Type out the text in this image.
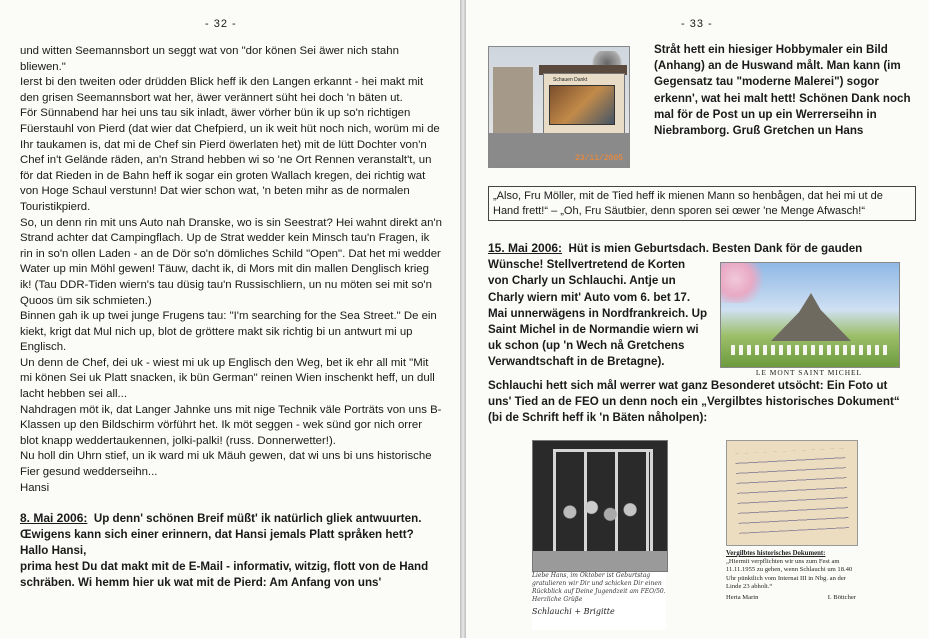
- 32 -

und witten Seemannsbort un seggt wat von "dor könen Sei äwer nich stahn bliewen."

Ierst bi den tweiten oder drüdden Blick heff ik den Langen erkannt - hei makt mit den grisen Seemannsbort wat her, äwer verännert süht hei doch 'n bäten ut.

För Sünnabend har hei uns tau sik inladt, äwer vörher bün ik up so'n richtigen Füerstauhl von Pierd (dat wier dat Chefpierd, un ik weit hüt noch nich, worüm mi de Ihr taukamen is, dat mi de Chef sin Pierd öwerlaten het) mit de lütt Dochter von'n Chef in't Gelände räden, an'n Strand hebben wi so 'ne Ort Rennen veranstalt't, un för dat Rieden in de Bahn heff ik sogar ein groten Wallach kregen, dei richtig wat von Hoge Schaul verstunn! Dat wier schon wat, 'n beten mihr as de normalen Touristikpierd.

So, un denn rin mit uns Auto nah Dranske, wo is sin Seestrat? Hei wahnt direkt an'n Strand achter dat Campingflach. Up de Strat wedder kein Minsch tau'n Fragen, ik rin in so'n ollen Laden - an de Dör so'n dömliches Schild "Open". Dat het mi wedder Water up min Möhl gewen! Täuw, dacht ik, di Mors mit din mallen Denglisch krieg ik! (Tau DDR-Tiden wiern's tau düsig tau'n Russischliern, un nu möten sei mit so'n Quoos üm sik schmieten.)

Binnen gah ik up twei junge Frugens tau: "I'm searching for the Sea Street." De ein kiekt, krigt dat Mul nich up, blot de gröttere makt sik richtig bi un antwurt mi up Englisch.

Un denn de Chef, dei uk - wiest mi uk up Englisch den Weg, bet ik ehr all mit "Mit mi könen Sei uk Platt snacken, ik bün German" reinen Wien inschenkt heff, un dull lacht hebben sei all...

Nahdragen möt ik, dat Langer Jahnke uns mit nige Technik väle Porträts von uns B-Klassen up den Bildschirm vörführt het. Ik möt seggen - wek sünd gor nich orrer blot knapp weddertaukennen, jolki-palki! (russ. Donnerwetter!).

Nu holl din Uhrn stief, un ik ward mi uk Mäuh gewen, dat wi uns bi uns historische Fier gesund wedderseihn...

Hansi

8. Mai 2006: Up denn' schönen Breif müßt' ik natürlich gliek antwuurten.

Œwigens kann sich einer erinnern, dat Hansi jemals Platt språken hett?

Hallo Hansi,

prima hest Du dat makt mit de E-Mail - informativ, witzig, flott von de Hand schräben. Wi hemm hier uk wat mit de Pierd: Am Anfang von uns'

- 33 -
Schauen Dankt
23/11/2005

Stråt hett ein hiesiger Hobbymaler ein Bild (Anhang) an de Huswand målt. Man kann (im Gegensatz tau "moderne Malerei") sogor erkenn', wat hei malt hett! Schönen Dank noch mal för de Post un up ein Werrerseihn in Niebramborg. Gruß Gretchen un Hans

„Also, Fru Möller, mit de Tied heff ik mienen Mann so henbågen, dat hei mi ut de Hand frett!“ – „Oh, Fru Säutbier, denn sporen sei œwer 'ne Menge Afwasch!“

15. Mai 2006: Hüt is mien Geburtsdach. Besten Dank för de gauden

Wünsche! Stellvertretend de Korten von Charly un Schlauchi. Antje un Charly wiern mit' Auto vom 6. bet 17. Mai unnerwägens in Nordfrankreich. Up Saint Michel in de Normandie wiern wi uk schon (up 'n Wech nå Gretchens Verwandtschaft in de Bretagne).

LE MONT SAINT MICHEL

Schlauchi hett sich mål werrer wat ganz Besonderet utsöcht: Ein Foto ut uns' Tied an de FEO un denn noch ein „Vergilbtes historisches Dokument“ (bi de Schrift heff ik 'n Bäten nåholpen):

Liebe Hans, im Oktober ist Geburtstag gratulieren wir Dir und schicken Dir einen Rückblick auf Deine Jugendzeit am FEO/50. Herzliche Grüße
Schlauchi + Brigitte
Vergilbtes historisches Dokument:
„Hiermit verpflichten wir uns zum Fest am 11.11.1955 zu gehen, wenn Schlauchi um 18.40 Uhr pünktlich vom Internat III in Nbg. an der Linde 23 abholt.“
Herta Marin	I. Böttcher
